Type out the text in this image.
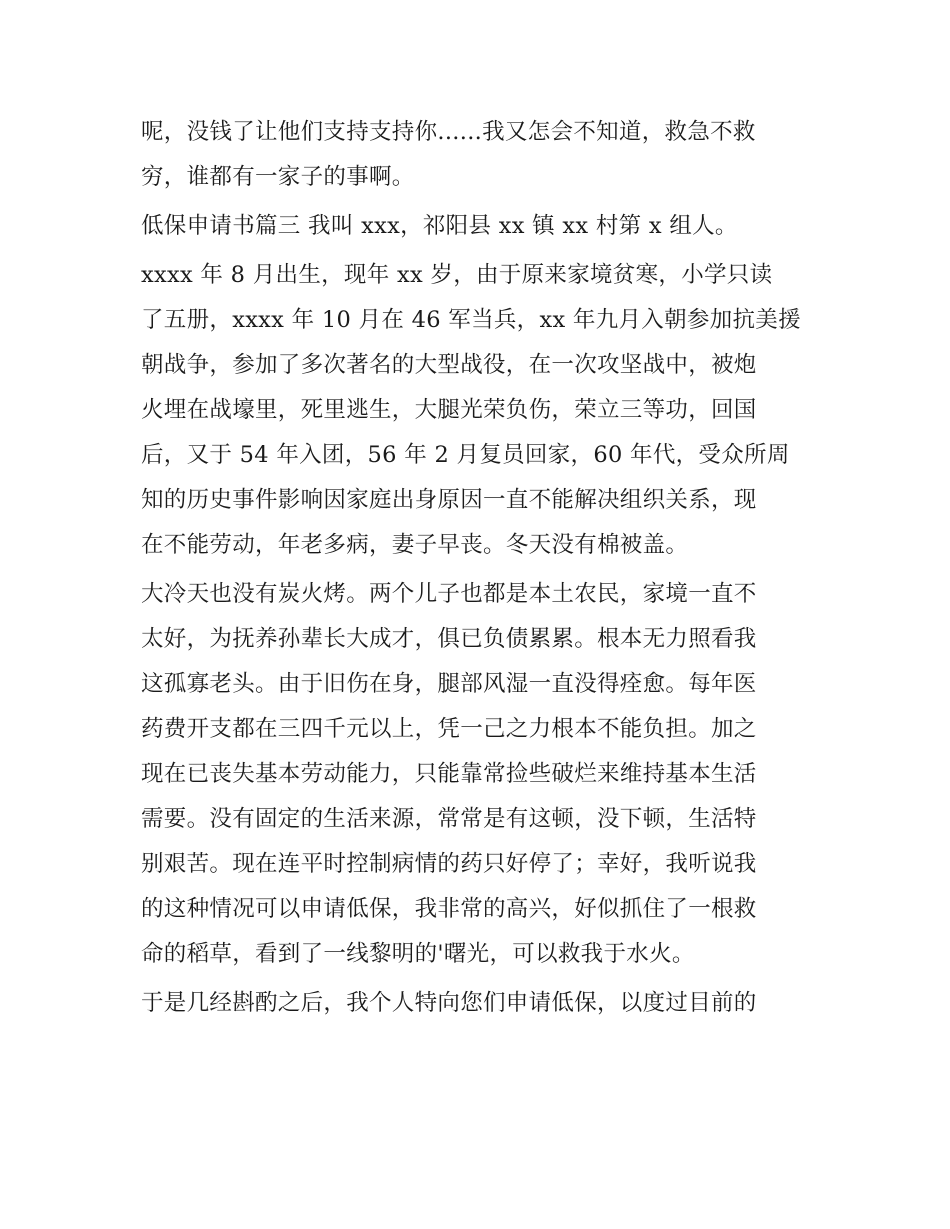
呢，没钱了让他们支持支持你......我又怎会不知道，救急不救
穷，谁都有一家子的事啊。
低保申请书篇三 我叫 xxx，祁阳县 xx 镇 xx 村第 x 组人。
xxxx 年 8 月出生，现年 xx 岁，由于原来家境贫寒，小学只读
了五册，xxxx 年 10 月在 46 军当兵，xx 年九月入朝参加抗美援
朝战争，参加了多次著名的大型战役，在一次攻坚战中，被炮
火埋在战壕里，死里逃生，大腿光荣负伤，荣立三等功，回国
后，又于 54 年入团，56 年 2 月复员回家，60 年代，受众所周
知的历史事件影响因家庭出身原因一直不能解决组织关系，现
在不能劳动，年老多病，妻子早丧。冬天没有棉被盖。
大冷天也没有炭火烤。两个儿子也都是本土农民，家境一直不
太好，为抚养孙辈长大成才，俱已负债累累。根本无力照看我
这孤寡老头。由于旧伤在身，腿部风湿一直没得痊愈。每年医
药费开支都在三四千元以上，凭一己之力根本不能负担。加之
现在已丧失基本劳动能力，只能靠常捡些破烂来维持基本生活
需要。没有固定的生活来源，常常是有这顿，没下顿，生活特
别艰苦。现在连平时控制病情的药只好停了；幸好，我听说我
的这种情况可以申请低保，我非常的高兴，好似抓住了一根救
命的稻草，看到了一线黎明的'曙光，可以救我于水火。
于是几经斟酌之后，我个人特向您们申请低保，以度过目前的
